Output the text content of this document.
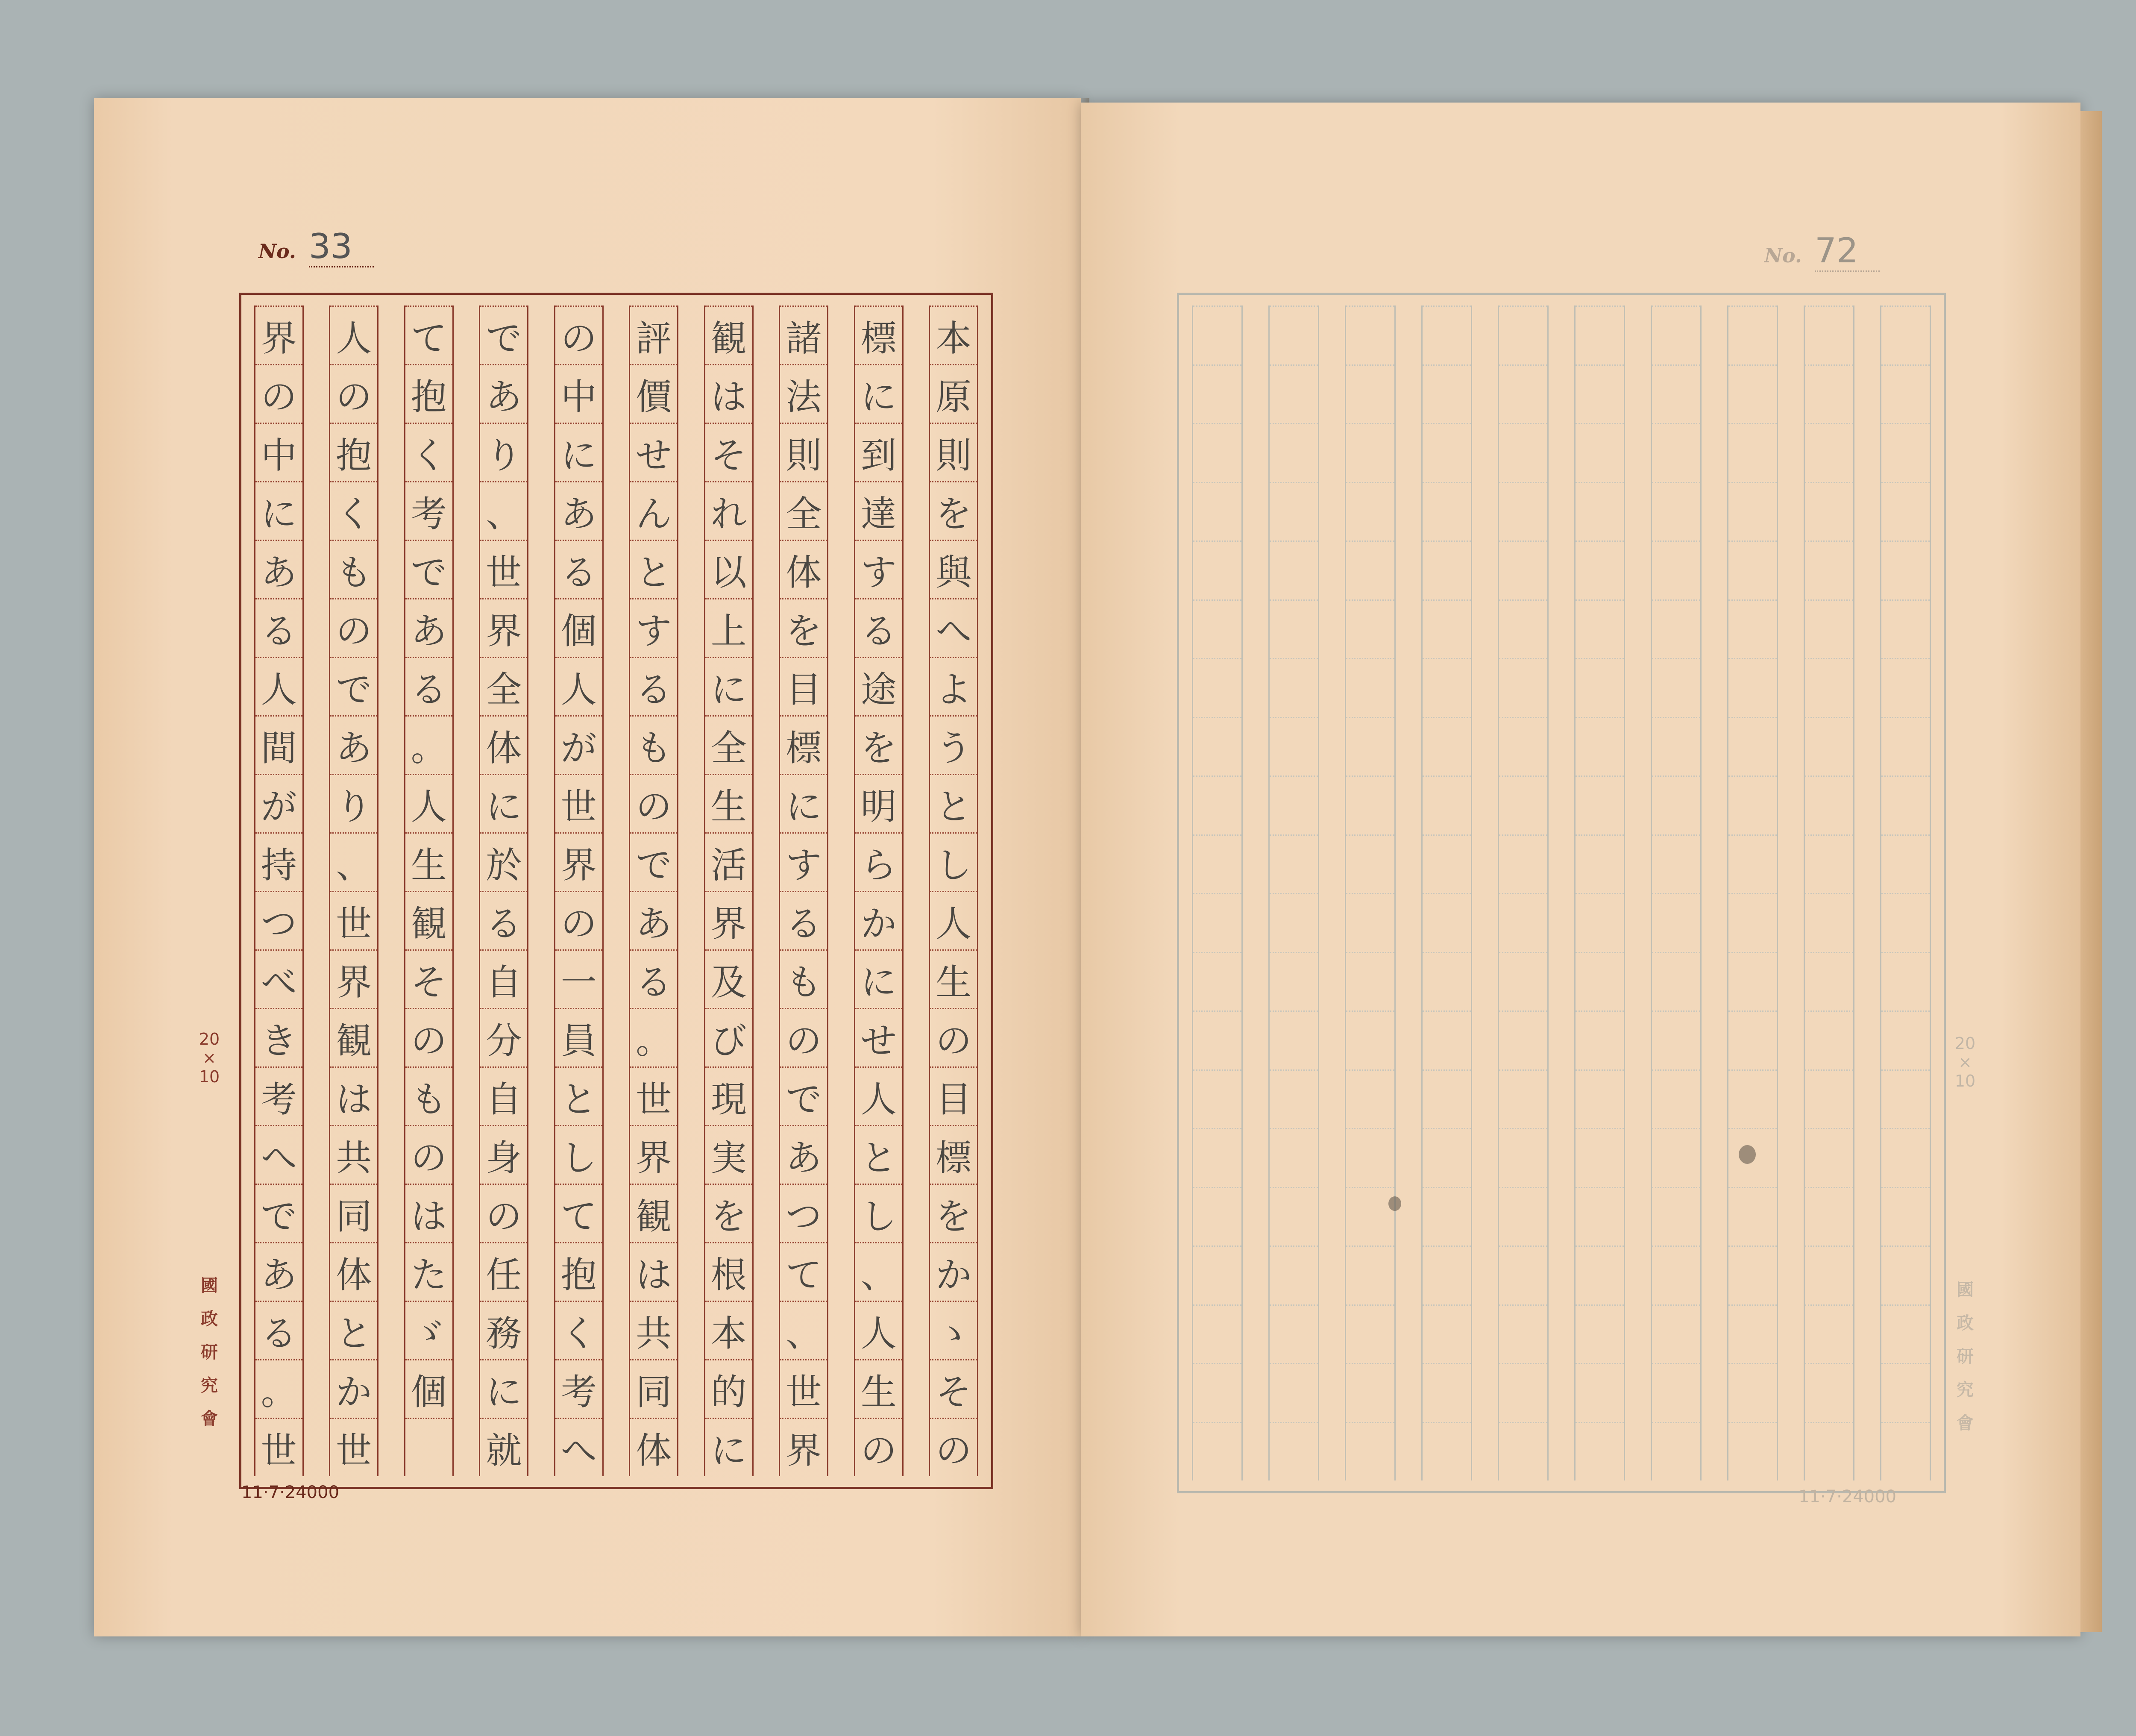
No. 33
本
原
則
を
與
へ
よ
う
と
し
人
生
の
目
標
を
か
ゝ
そ
の
標
に
到
達
す
る
途
を
明
ら
か
に
せ
人
と
し
、
人
生
の
諸
法
則
全
体
を
目
標
に
す
る
も
の
で
あ
つ
て
、
世
界
観
は
そ
れ
以
上
に
全
生
活
界
及
び
現
実
を
根
本
的
に
評
價
せ
ん
と
す
る
も
の
で
あ
る
。
世
界
観
は
共
同
体
の
中
に
あ
る
個
人
が
世
界
の
一
員
と
し
て
抱
く
考
へ
で
あ
り
、
世
界
全
体
に
於
る
自
分
自
身
の
任
務
に
就
て
抱
く
考
で
あ
る
。
人
生
観
そ
の
も
の
は
た
ゞ
個
人
の
抱
く
も
の
で
あ
り
、
世
界
観
は
共
同
体
と
か
世
界
の
中
に
あ
る
人
間
が
持
つ
べ
き
考
へ
で
あ
る
。
世
20
×
10
國
政
研
究
會
11·7·24000
No. 72
20
×
10
國
政
研
究
會
11·7·24000
